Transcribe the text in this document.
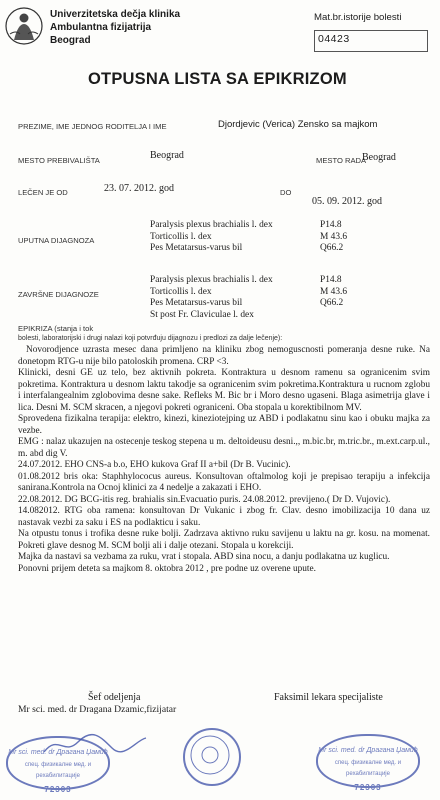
Univerzitetska dečja klinika
Ambulantna fizijatrija
Beograd
Mat.br.istorije bolesti
04423
OTPUSNA LISTA SA EPIKRIZOM
PREZIME, IME JEDNOG RODITELJA I IME	Djordjevic (Verica) Zensko sa majkom
MESTO PREBIVALIŠTA	Beograd	MESTO RADA
Beograd
LEČEN JE OD	23. 07. 2012. god	DO
05. 09. 2012. god
UPUTNA DIJAGNOZA
Paralysis plexus brachialis l. dex	P14.8
Torticollis l. dex	M 43.6
Pes Metatarsus-varus bil	Q66.2
ZAVRŠNE DIJAGNOZE
Paralysis plexus brachialis l. dex	P14.8
Torticollis l. dex	M 43.6
Pes Metatarsus-varus bil	Q66.2
St post Fr. Claviculae l. dex
EPIKRIZA (stanja i tok
bolesti, laboratorijski i drugi nalazi koji potvrđuju dijagnozu i predlozi za dalje lečenje):

Novorodjence uzrasta mesec dana primljeno na kliniku zbog nemoguscnosti pomeranja desne ruke. Na donetopm RTG-u nije bilo patoloskih promena. CRP <3.

Klinicki, desni GE uz telo, bez aktivnih pokreta. Kontraktura u desnom ramenu sa ogranicenim svim pokretima. Kontraktura u desnom laktu takodje sa ogranicenim svim pokretima.Kontraktura u rucnom zglobu i interfalangealnim zglobovima desne sake. Refleks M. Bic br i Moro desno ugaseni. Blaga asimetrija glave i lica. Desni M. SCM skracen, a njegovi pokreti ograniceni. Oba stopala u korektibilnom MV.

Sprovedena fizikalna terapija: elektro, kinezi, kineziotejping uz ABD i podlakatnu sinu kao i obuku majka za vezbe.

EMG : nalaz ukazujen na ostecenje teskog stepena u m. deltoideusu desni.,, m.bic.br, m.tric.br., m.ext.carp.ul., m. abd dig V.

24.07.2012. EHO CNS-a b.o, EHO kukova Graf II a+bil (Dr B. Vucinic).

01.08.2012 bris oka: Staphhylococus aureus. Konsultovan oftalmolog koji je prepisao terapiju a infekcija sanirana.Kontrola na Ocnoj klinici za 4 nedelje a zakazati i EHO.

22.08.2012. DG BCG-itis reg. brahialis sin.Evacuatio puris. 24.08.2012. previjeno.( Dr D. Vujovic).

14.082012. RTG oba ramena: konsultovan Dr Vukanic i zbog fr. Clav. desno imobilizacija 10 dana uz nastavak vezbi za saku i ES na podlakticu i saku.

Na otpustu tonus i trofika desne ruke bolji. Zadrzava aktivno ruku savijenu u laktu na gr. kosu. na momenat. Pokreti glave desnog M. SCM bolji ali i dalje otezani. Stopala u korekciji.

Majka da nastavi sa vezbama za ruku, vrat i stopala. ABD sina nocu, a danju podlakatna uz kuglicu.

Ponovni prijem deteta sa majkom 8. oktobra 2012 , pre podne uz overene upute.

Šef odeljenja
Mr sci. med. dr Dragana Dzamic,fizijatar
Faksimil lekara specijaliste
Mr sci. med. dr Драгана Џамић
спец. физикалне мед. и рехабилитације
72303
Mr sci. med. dr Драгана Џамић
спец. физикалне мед. и рехабилитације
72303
